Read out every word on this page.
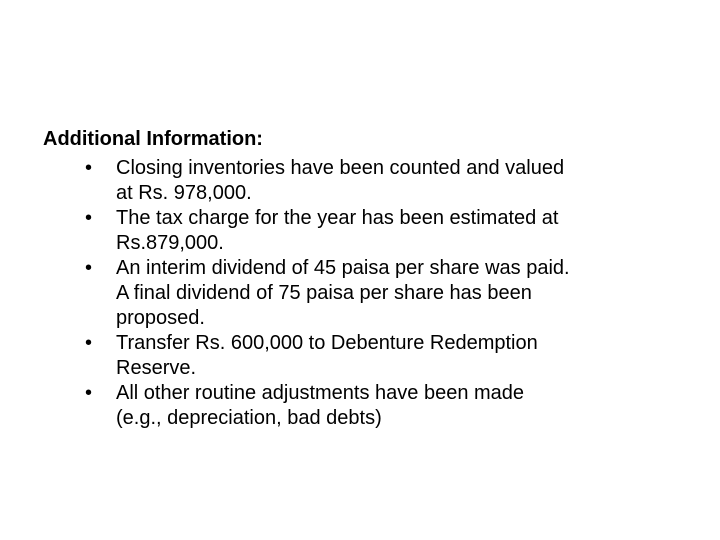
Additional Information:

• Closing inventories have been counted and valued
at Rs. 978,000.
• The tax charge for the year has been estimated at
Rs.879,000.
• An interim dividend of 45 paisa per share was paid.
A final dividend of 75 paisa per share has been
proposed.
• Transfer Rs. 600,000 to Debenture Redemption
Reserve.
• All other routine adjustments have been made
(e.g., depreciation, bad debts)
